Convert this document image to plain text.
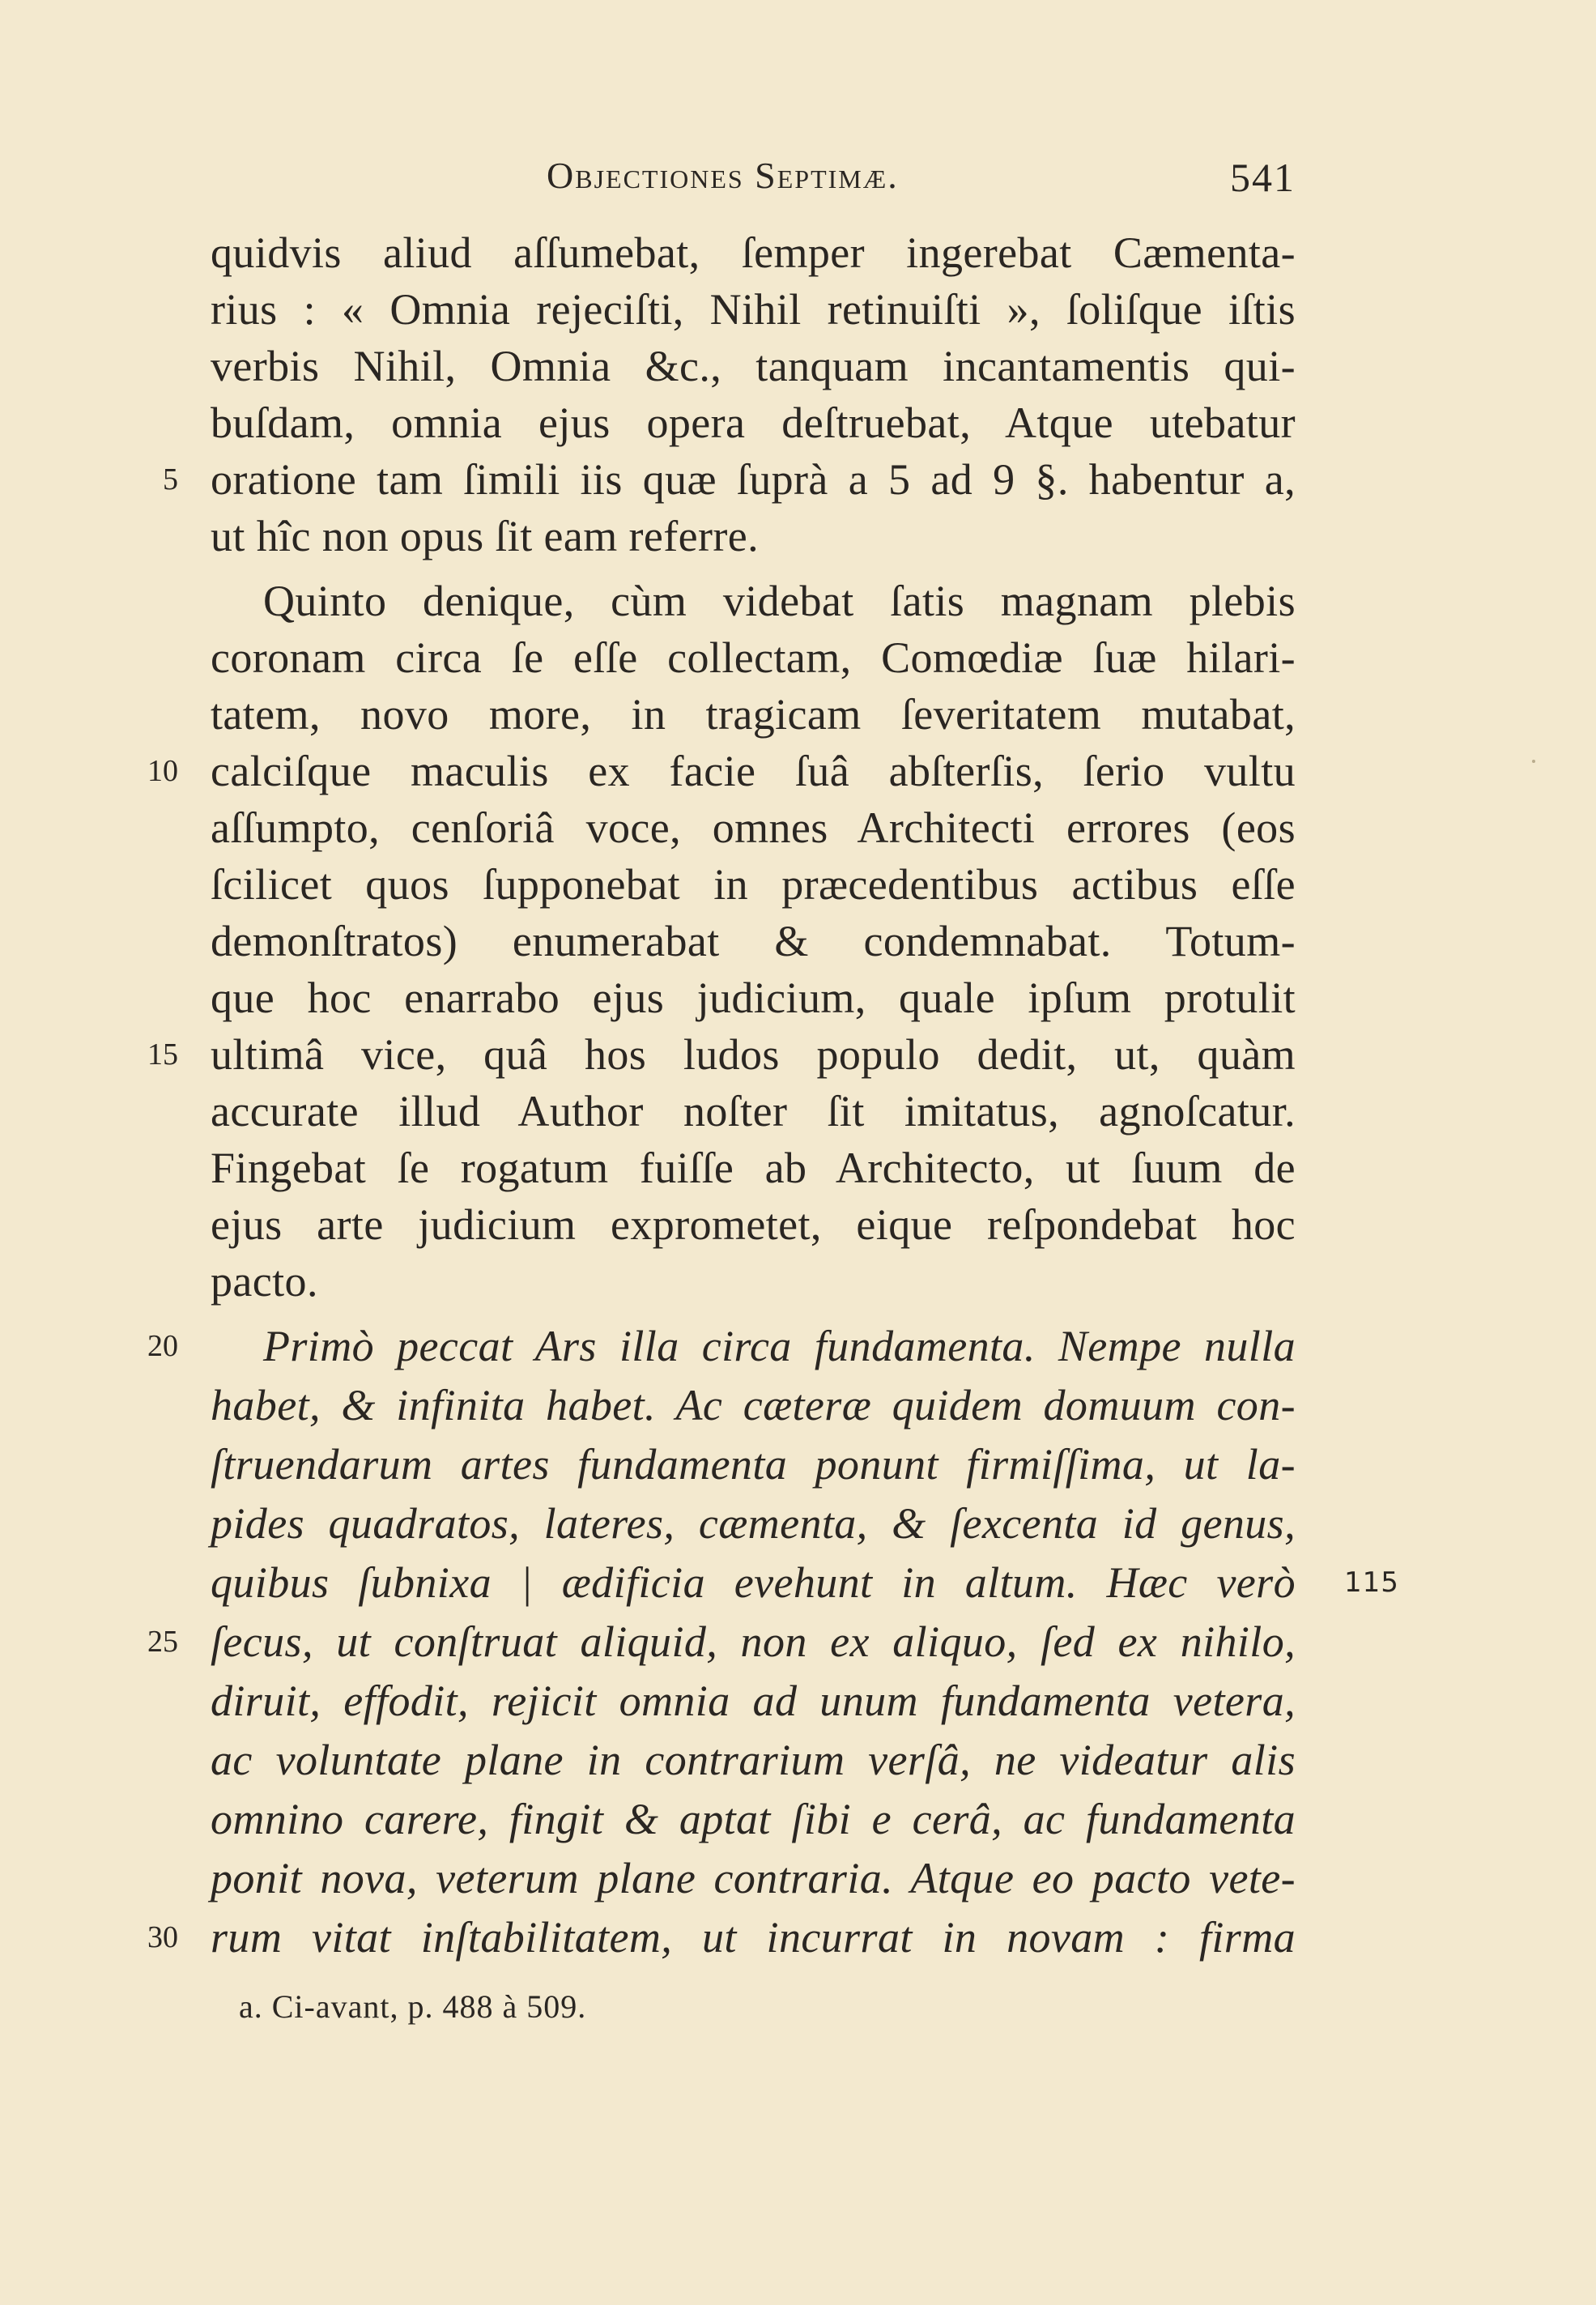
Objectiones Septimæ.	541
quidvis aliud aſſumebat, ſemper ingerebat Cæmenta-
rius : « Omnia rejeciſti, Nihil retinuiſti », ſoliſque iſtis
verbis Nihil, Omnia &c., tanquam incantamentis qui-
buſdam, omnia ejus opera deſtruebat, Atque utebatur
oratione tam ſimili iis quæ ſuprà a 5 ad 9 §. habentur a,
ut hîc non opus ſit eam referre.
Quinto denique, cùm videbat ſatis magnam plebis
coronam circa ſe eſſe collectam, Comœdiæ ſuæ hilari-
tatem, novo more, in tragicam ſeveritatem mutabat,
calciſque maculis ex facie ſuâ abſterſis, ſerio vultu
aſſumpto, cenſoriâ voce, omnes Architecti errores (eos
ſcilicet quos ſupponebat in præcedentibus actibus eſſe
demonſtratos) enumerabat & condemnabat. Totum-
que hoc enarrabo ejus judicium, quale ipſum protulit
ultimâ vice, quâ hos ludos populo dedit, ut, quàm
accurate illud Author noſter ſit imitatus, agnoſcatur.
Fingebat ſe rogatum fuiſſe ab Architecto, ut ſuum de
ejus arte judicium exprometet, eique reſpondebat hoc
pacto.
Primò peccat Ars illa circa fundamenta. Nempe nulla
habet, & infinita habet. Ac cæteræ quidem domuum con-
ſtruendarum artes fundamenta ponunt firmiſſima, ut la-
pides quadratos, lateres, cæmenta, & ſexcenta id genus,
quibus ſubnixa | ædificia evehunt in altum. Hæc verò
ſecus, ut conſtruat aliquid, non ex aliquo, ſed ex nihilo,
diruit, effodit, rejicit omnia ad unum fundamenta vetera,
ac voluntate plane in contrarium verſâ, ne videatur alis
omnino carere, fingit & aptat ſibi e cerâ, ac fundamenta
ponit nova, veterum plane contraria. Atque eo pacto vete-
rum vitat inſtabilitatem, ut incurrat in novam : firma
5
10
15
20
25
30
115
a. Ci-avant, p. 488 à 509.
